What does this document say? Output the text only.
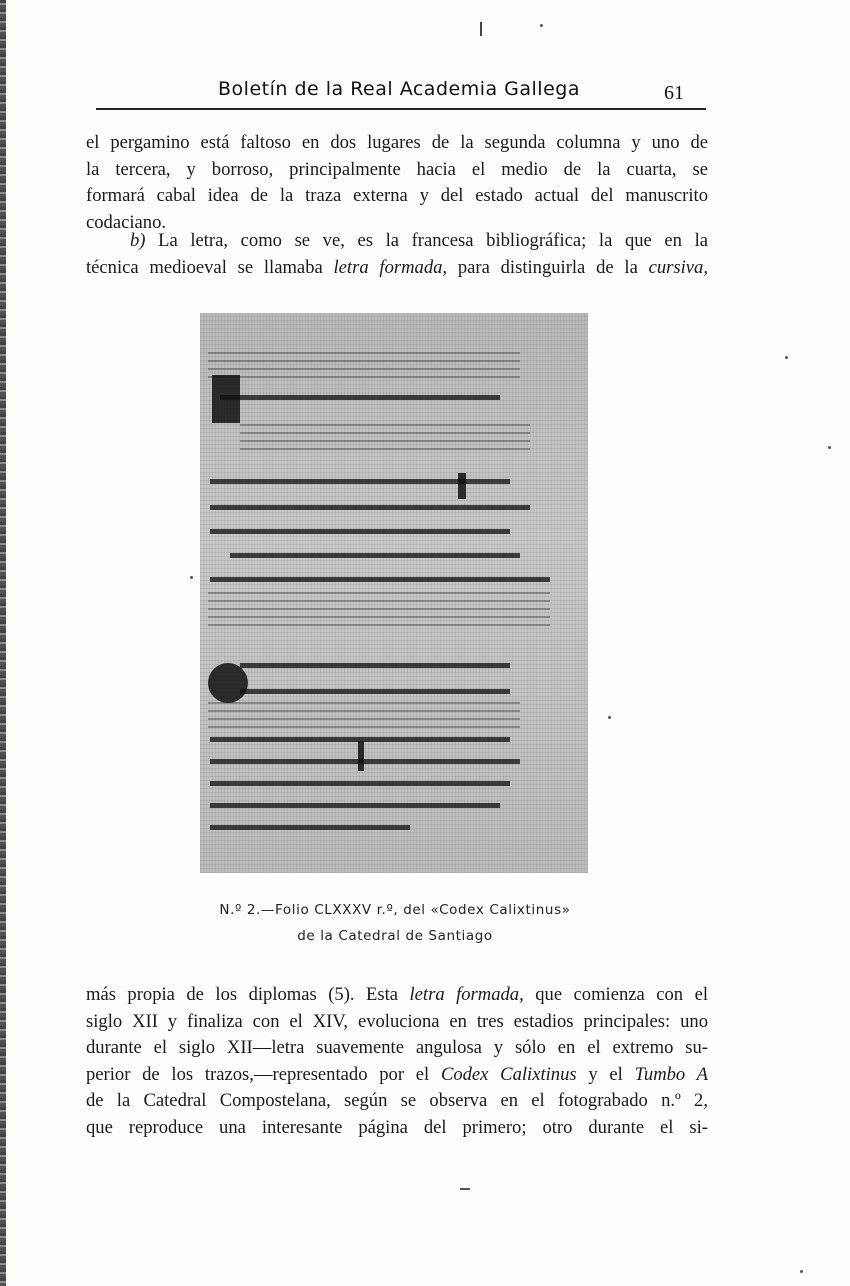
Boletín de la Real Academia Gallega	61
el pergamino está faltoso en dos lugares de la segunda columna y uno de
la tercera, y borroso, principalmente hacia el medio de la cuarta, se
formará cabal idea de la traza externa y del estado actual del manuscrito
codaciano.
b) La letra, como se ve, es la francesa bibliográfica; la que en la
técnica medioeval se llamaba letra formada, para distinguirla de la cursiva,
N.º 2.—Folio CLXXXV r.º, del «Codex Calixtinus»
de la Catedral de Santiago
más propia de los diplomas (5). Esta letra formada, que comienza con el
siglo XII y finaliza con el XIV, evoluciona en tres estadios principales: uno
durante el siglo XII—letra suavemente angulosa y sólo en el extremo su-
perior de los trazos,—representado por el Codex Calixtinus y el Tumbo A
de la Catedral Compostelana, según se observa en el fotograbado n.º 2,
que reproduce una interesante página del primero; otro durante el si-
